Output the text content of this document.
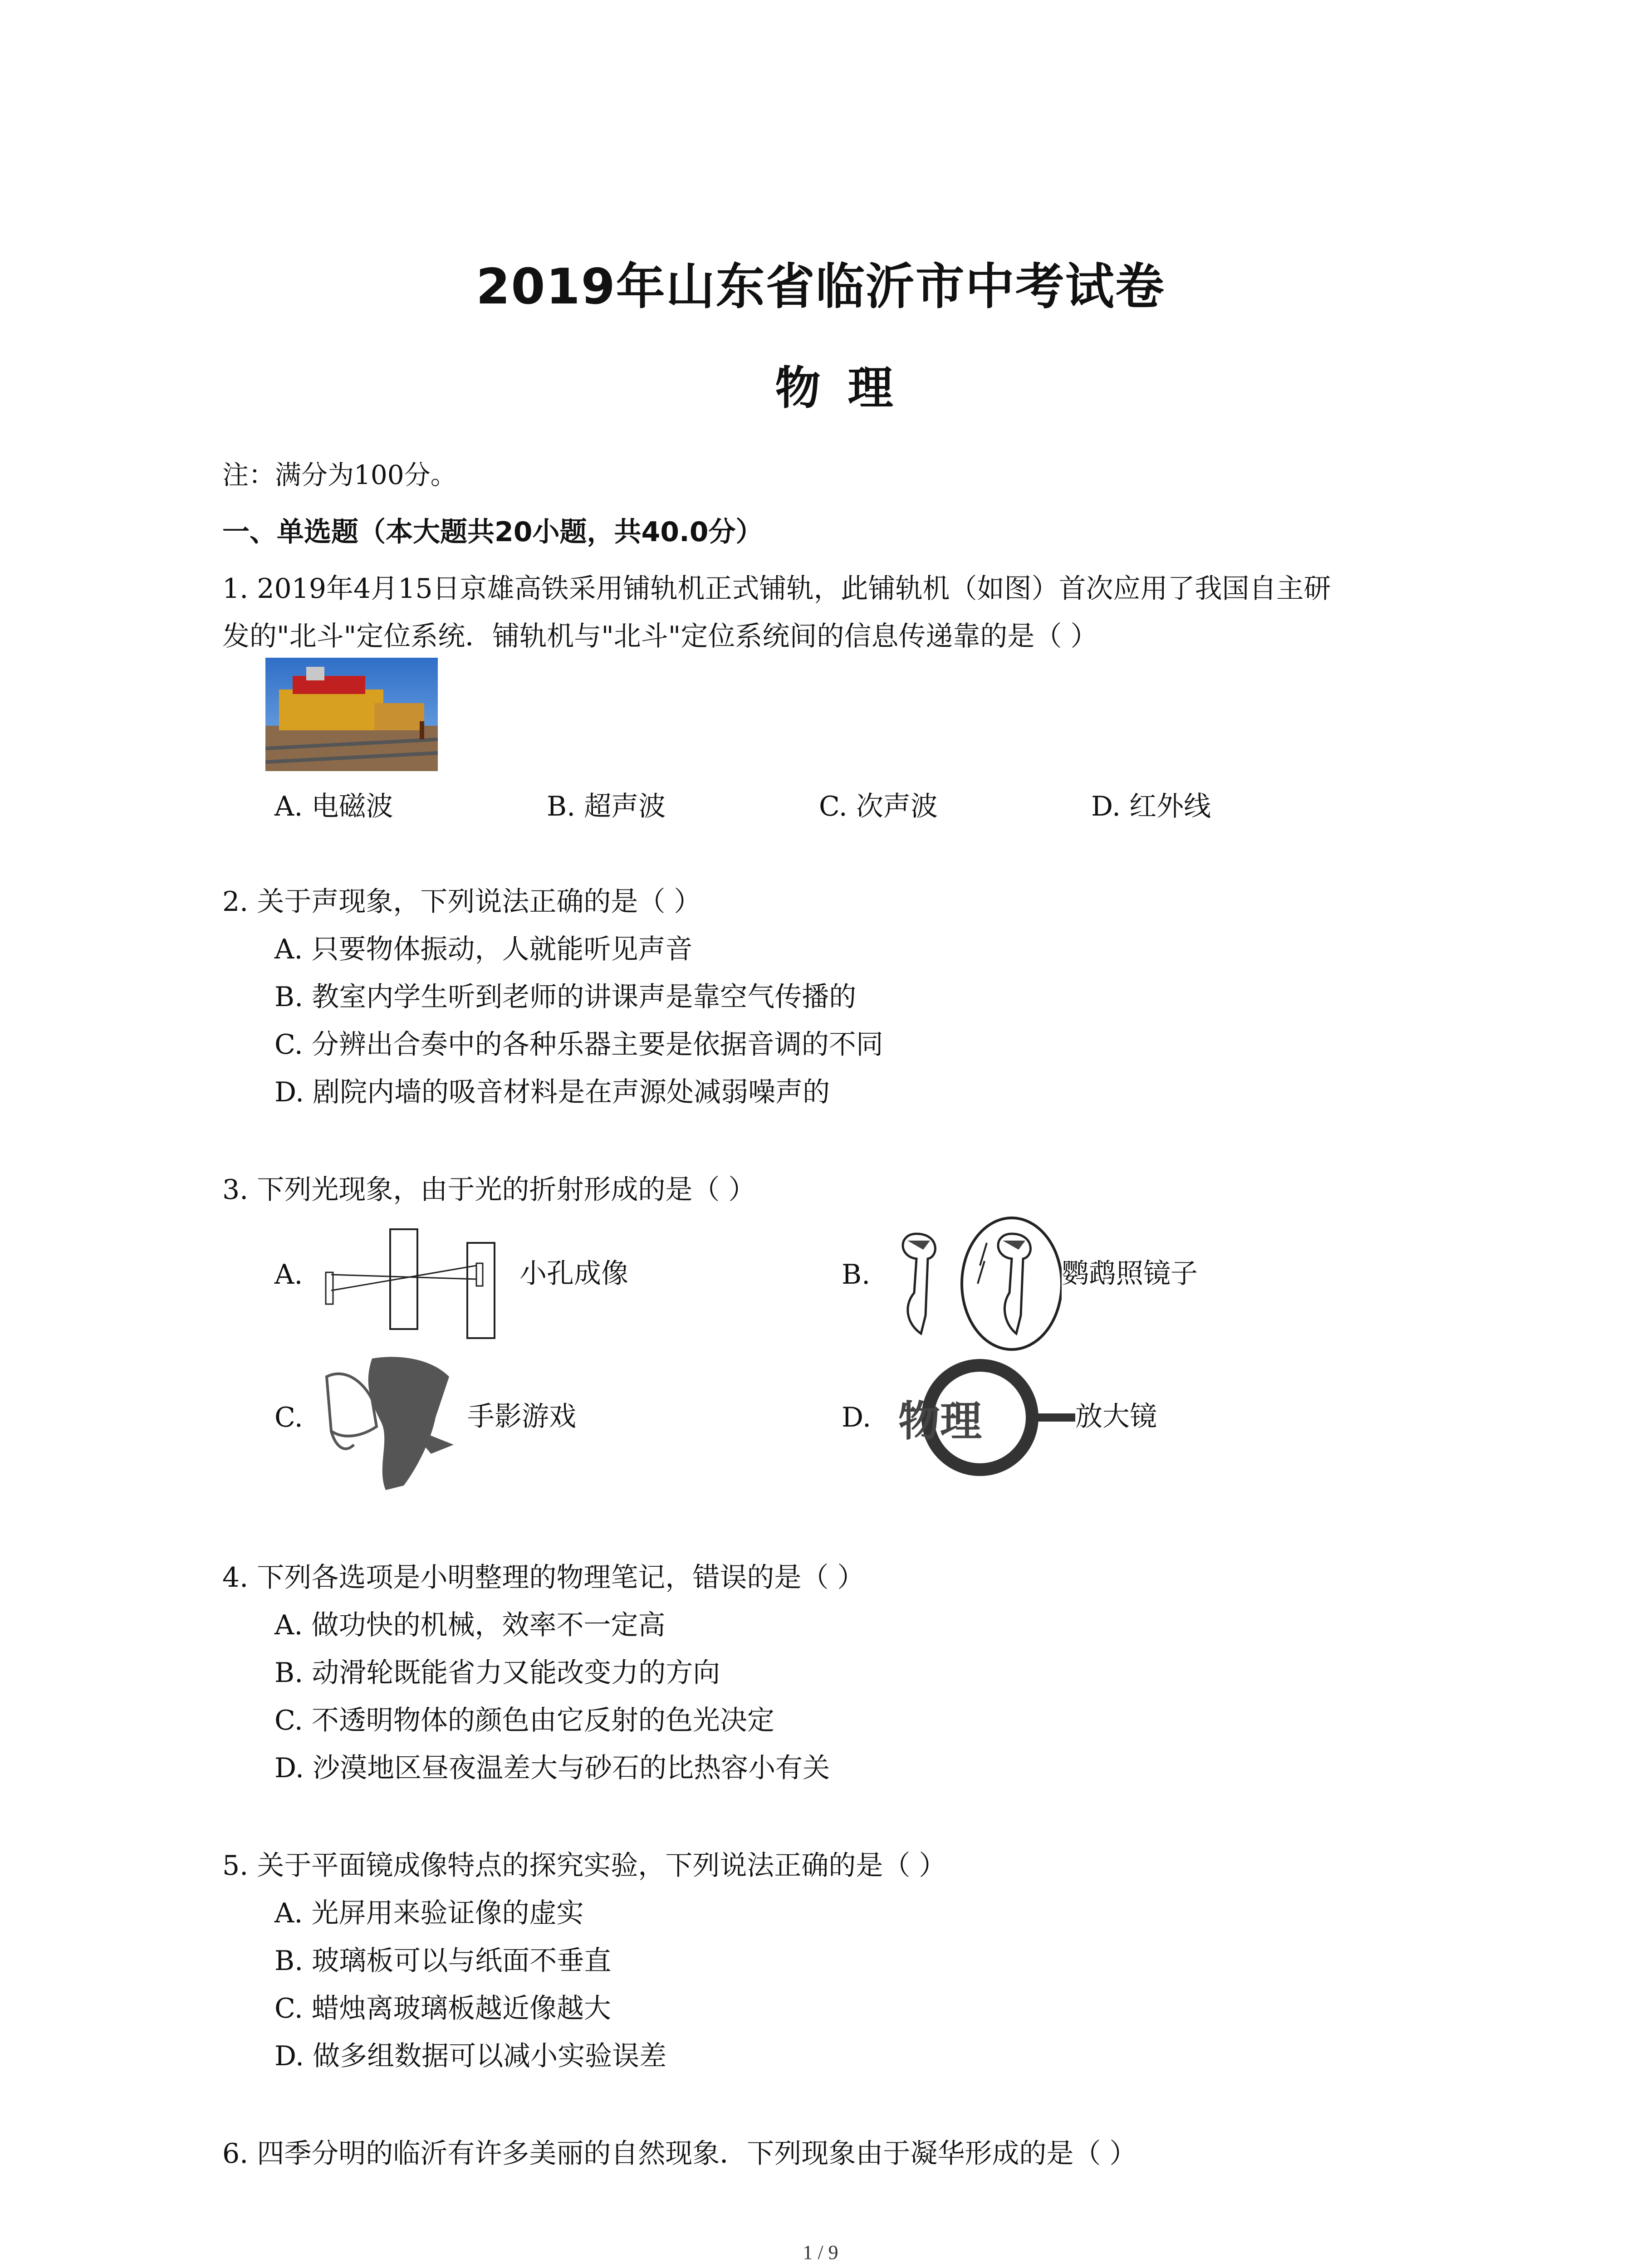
2019年山东省临沂市中考试卷
物理
注：满分为100分。
一、单选题（本大题共20小题，共40.0分）
1. 2019年4月15日京雄高铁采用铺轨机正式铺轨，此铺轨机（如图）首次应用了我国自主研
发的"北斗"定位系统．铺轨机与"北斗"定位系统间的信息传递靠的是（ ）
A. 电磁波	B. 超声波	C. 次声波	D. 红外线
2. 关于声现象，下列说法正确的是（ ）
A. 只要物体振动，人就能听见声音
B. 教室内学生听到老师的讲课声是靠空气传播的
C. 分辨出合奏中的各种乐器主要是依据音调的不同
D. 剧院内墙的吸音材料是在声源处减弱噪声的
3. 下列光现象，由于光的折射形成的是（ ）
A.	小孔成像	B.	鹦鹉照镜子
C.	手影游戏	D. 物理	放大镜
4. 下列各选项是小明整理的物理笔记，错误的是（ ）
A. 做功快的机械，效率不一定高
B. 动滑轮既能省力又能改变力的方向
C. 不透明物体的颜色由它反射的色光决定
D. 沙漠地区昼夜温差大与砂石的比热容小有关
5. 关于平面镜成像特点的探究实验，下列说法正确的是（ ）
A. 光屏用来验证像的虚实
B. 玻璃板可以与纸面不垂直
C. 蜡烛离玻璃板越近像越大
D. 做多组数据可以减小实验误差
6. 四季分明的临沂有许多美丽的自然现象．下列现象由于凝华形成的是（ ）
1 / 9
